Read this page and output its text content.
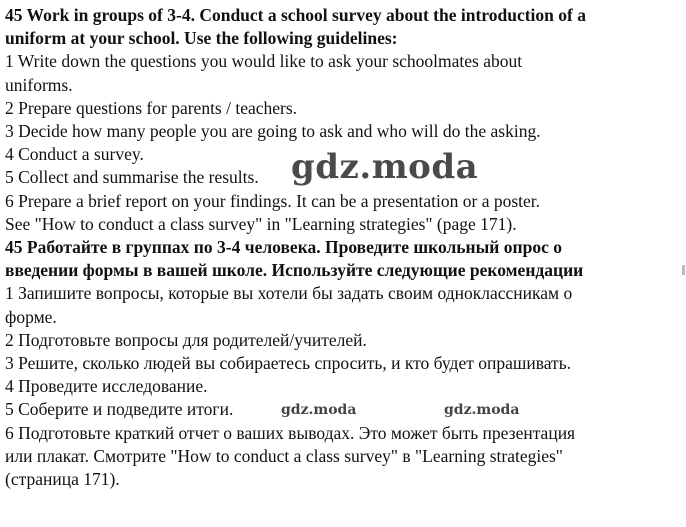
45 Work in groups of 3-4. Conduct a school survey about the introduction of a
uniform at your school. Use the following guidelines:
1 Write down the questions you would like to ask your schoolmates about
uniforms.
2 Prepare questions for parents / teachers.
3 Decide how many people you are going to ask and who will do the asking.
4 Conduct a survey.
5 Collect and summarise the results.
6 Prepare a brief report on your findings. It can be a presentation or a poster.
See "How to conduct a class survey" in "Learning strategies" (page 171).
45 Работайте в группах по 3-4 человека. Проведите школьный опрос о
введении формы в вашей школе. Используйте следующие рекомендации
1 Запишите вопросы, которые вы хотели бы задать своим одноклассникам о
форме.
2 Подготовьте вопросы для родителей/учителей.
3 Решите, сколько людей вы собираетесь спросить, и кто будет опрашивать.
4 Проведите исследование.
5 Соберите и подведите итоги.
6 Подготовьте краткий отчет о ваших выводах. Это может быть презентация
или плакат. Смотрите "How to conduct a class survey" в "Learning strategies"
(страница 171).
gdz.moda
gdz.moda	gdz.moda
